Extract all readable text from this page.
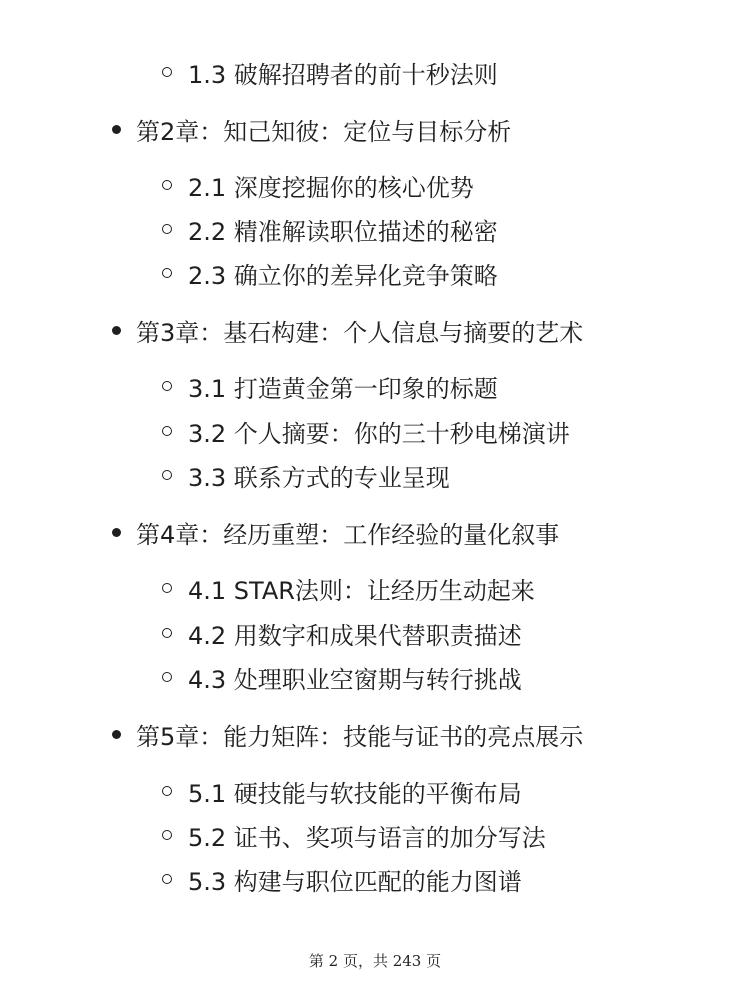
1.3 破解招聘者的前十秒法则
第2章：知己知彼：定位与目标分析
2.1 深度挖掘你的核心优势
2.2 精准解读职位描述的秘密
2.3 确立你的差异化竞争策略
第3章：基石构建：个人信息与摘要的艺术
3.1 打造黄金第一印象的标题
3.2 个人摘要：你的三十秒电梯演讲
3.3 联系方式的专业呈现
第4章：经历重塑：工作经验的量化叙事
4.1 STAR法则：让经历生动起来
4.2 用数字和成果代替职责描述
4.3 处理职业空窗期与转行挑战
第5章：能力矩阵：技能与证书的亮点展示
5.1 硬技能与软技能的平衡布局
5.2 证书、奖项与语言的加分写法
5.3 构建与职位匹配的能力图谱
第 2 页，共 243 页
